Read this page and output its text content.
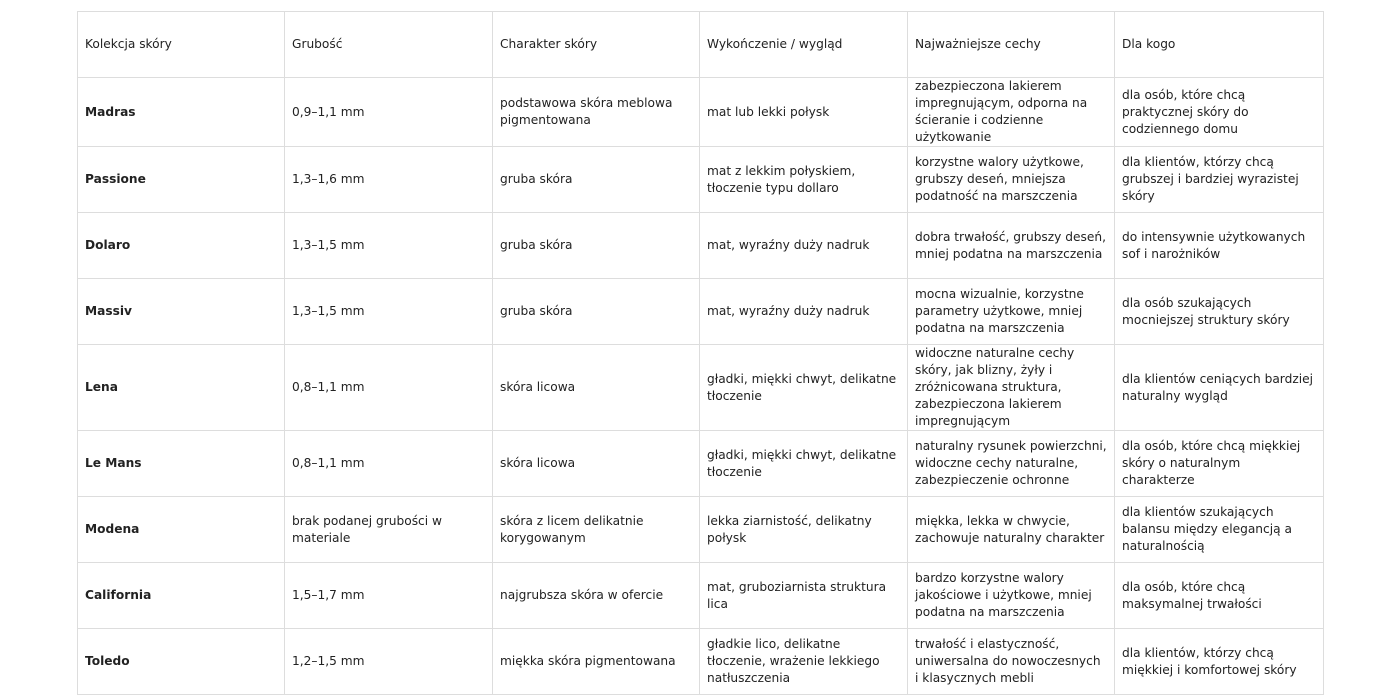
Kolekcja skóry	Grubość	Charakter skóry	Wykończenie / wygląd	Najważniejsze cechy	Dla kogo
Madras	0,9–1,1 mm	podstawowa skóra meblowa pigmentowana	mat lub lekki połysk	zabezpieczona lakierem impregnującym, odporna na ścieranie i codzienne użytkowanie	dla osób, które chcą praktycznej skóry do codziennego domu
Passione	1,3–1,6 mm	gruba skóra	mat z lekkim połyskiem, tłoczenie typu dollaro	korzystne walory użytkowe, grubszy deseń, mniejsza podatność na marszczenia	dla klientów, którzy chcą grubszej i bardziej wyrazistej skóry
Dolaro	1,3–1,5 mm	gruba skóra	mat, wyraźny duży nadruk	dobra trwałość, grubszy deseń, mniej podatna na marszczenia	do intensywnie użytkowanych sof i narożników
Massiv	1,3–1,5 mm	gruba skóra	mat, wyraźny duży nadruk	mocna wizualnie, korzystne parametry użytkowe, mniej podatna na marszczenia	dla osób szukających mocniejszej struktury skóry
Lena	0,8–1,1 mm	skóra licowa	gładki, miękki chwyt, delikatne tłoczenie	widoczne naturalne cechy skóry, jak blizny, żyły i zróżnicowana struktura, zabezpieczona lakierem impregnującym	dla klientów ceniących bardziej naturalny wygląd
Le Mans	0,8–1,1 mm	skóra licowa	gładki, miękki chwyt, delikatne tłoczenie	naturalny rysunek powierzchni, widoczne cechy naturalne, zabezpieczenie ochronne	dla osób, które chcą miękkiej skóry o naturalnym charakterze
Modena	brak podanej grubości w materiale	skóra z licem delikatnie korygowanym	lekka ziarnistość, delikatny połysk	miękka, lekka w chwycie, zachowuje naturalny charakter	dla klientów szukających balansu między elegancją a naturalnością
California	1,5–1,7 mm	najgrubsza skóra w ofercie	mat, gruboziarnista struktura lica	bardzo korzystne walory jakościowe i użytkowe, mniej podatna na marszczenia	dla osób, które chcą maksymalnej trwałości
Toledo	1,2–1,5 mm	miękka skóra pigmentowana	gładkie lico, delikatne tłoczenie, wrażenie lekkiego natłuszczenia	trwałość i elastyczność, uniwersalna do nowoczesnych i klasycznych mebli	dla klientów, którzy chcą miękkiej i komfortowej skóry
